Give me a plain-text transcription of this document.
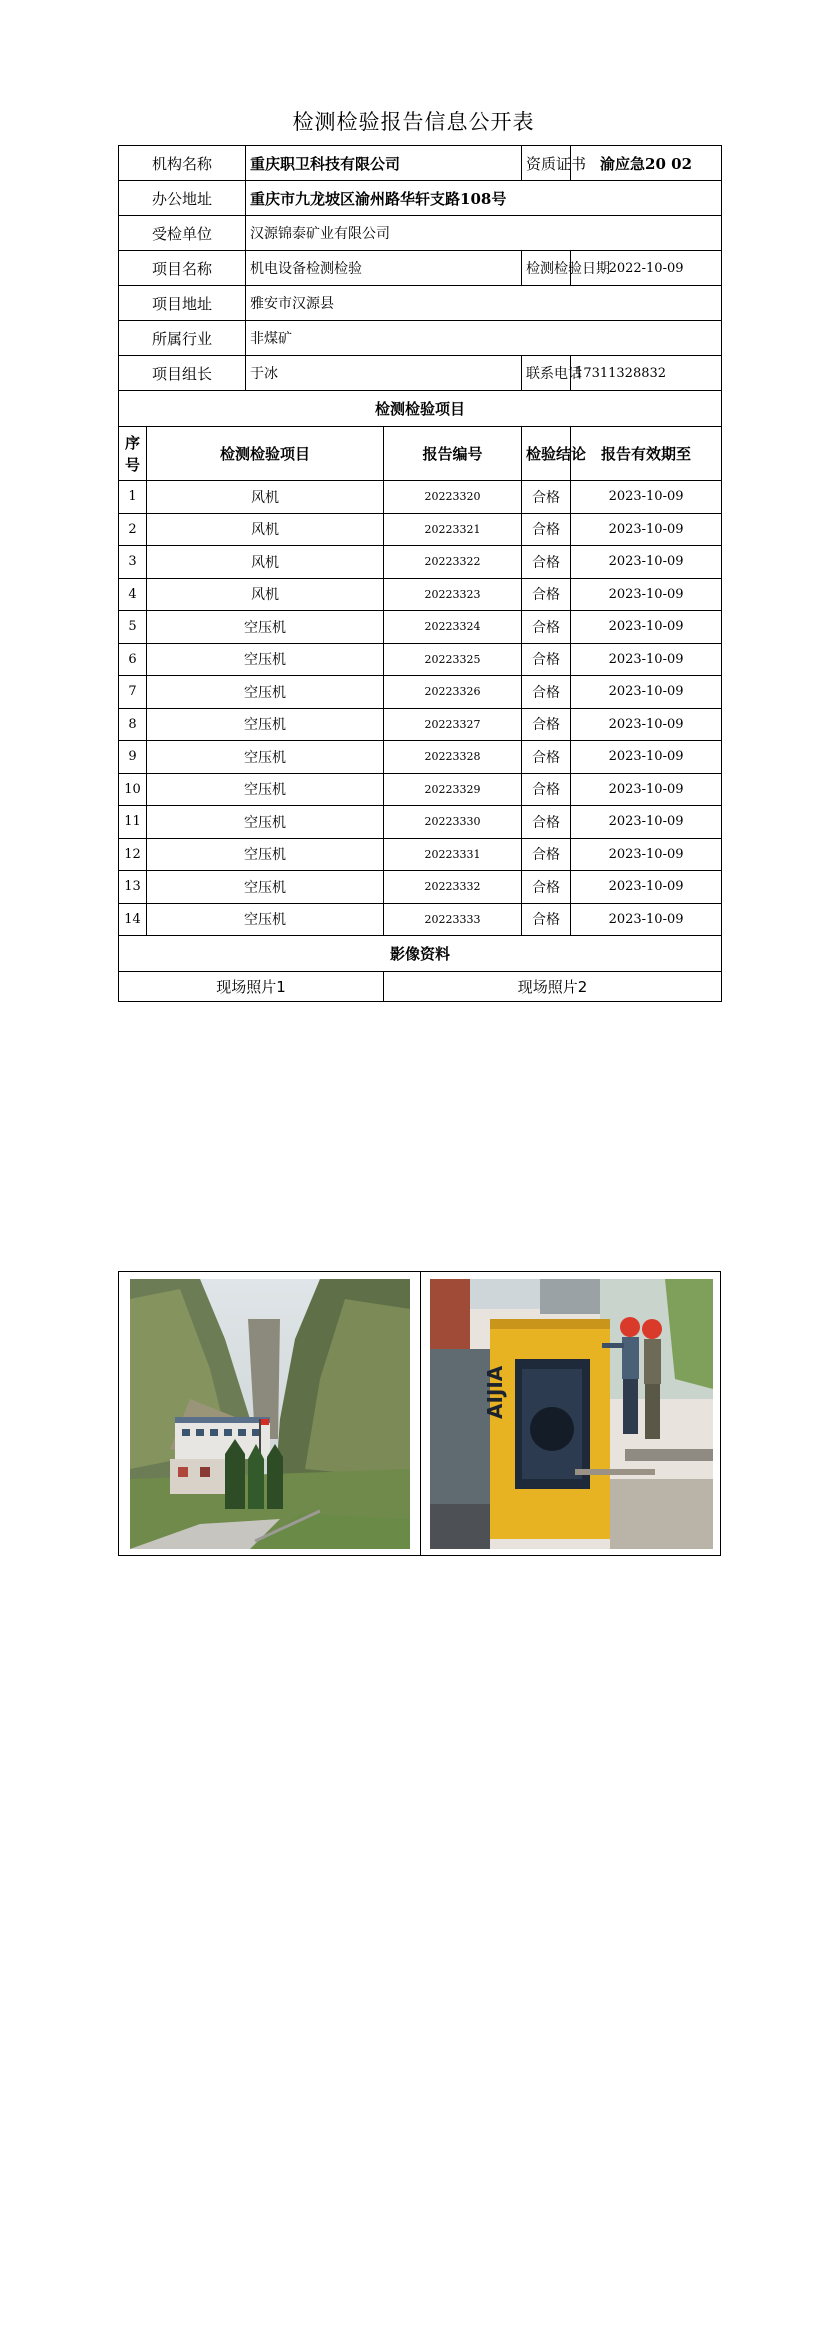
检测检验报告信息公开表
机构名称		重庆职卫科技有限公司		资质证书	渝应急20 02
办公地址		重庆市九龙坡区渝州路华轩支路108号			
受检单位		汉源锦泰矿业有限公司			
项目名称		机电设备检测检验		检测检验日期	2022-10-09
项目地址		雅安市汉源县			
所属行业		非煤矿			
项目组长		于冰		联系电话	17311328832
检测检验项目					
序号	检测检验项目		报告编号	检验结论	报告有效期至
1	风机		20223320	合格	2023-10-09
2	风机		20223321	合格	2023-10-09
3	风机		20223322	合格	2023-10-09
4	风机		20223323	合格	2023-10-09
5	空压机		20223324	合格	2023-10-09
6	空压机		20223325	合格	2023-10-09
7	空压机		20223326	合格	2023-10-09
8	空压机		20223327	合格	2023-10-09
9	空压机		20223328	合格	2023-10-09
10	空压机		20223329	合格	2023-10-09
11	空压机		20223330	合格	2023-10-09
12	空压机		20223331	合格	2023-10-09
13	空压机		20223332	合格	2023-10-09
14	空压机		20223333	合格	2023-10-09
影像资料					
现场照片1			现场照片2		
AIJIA
